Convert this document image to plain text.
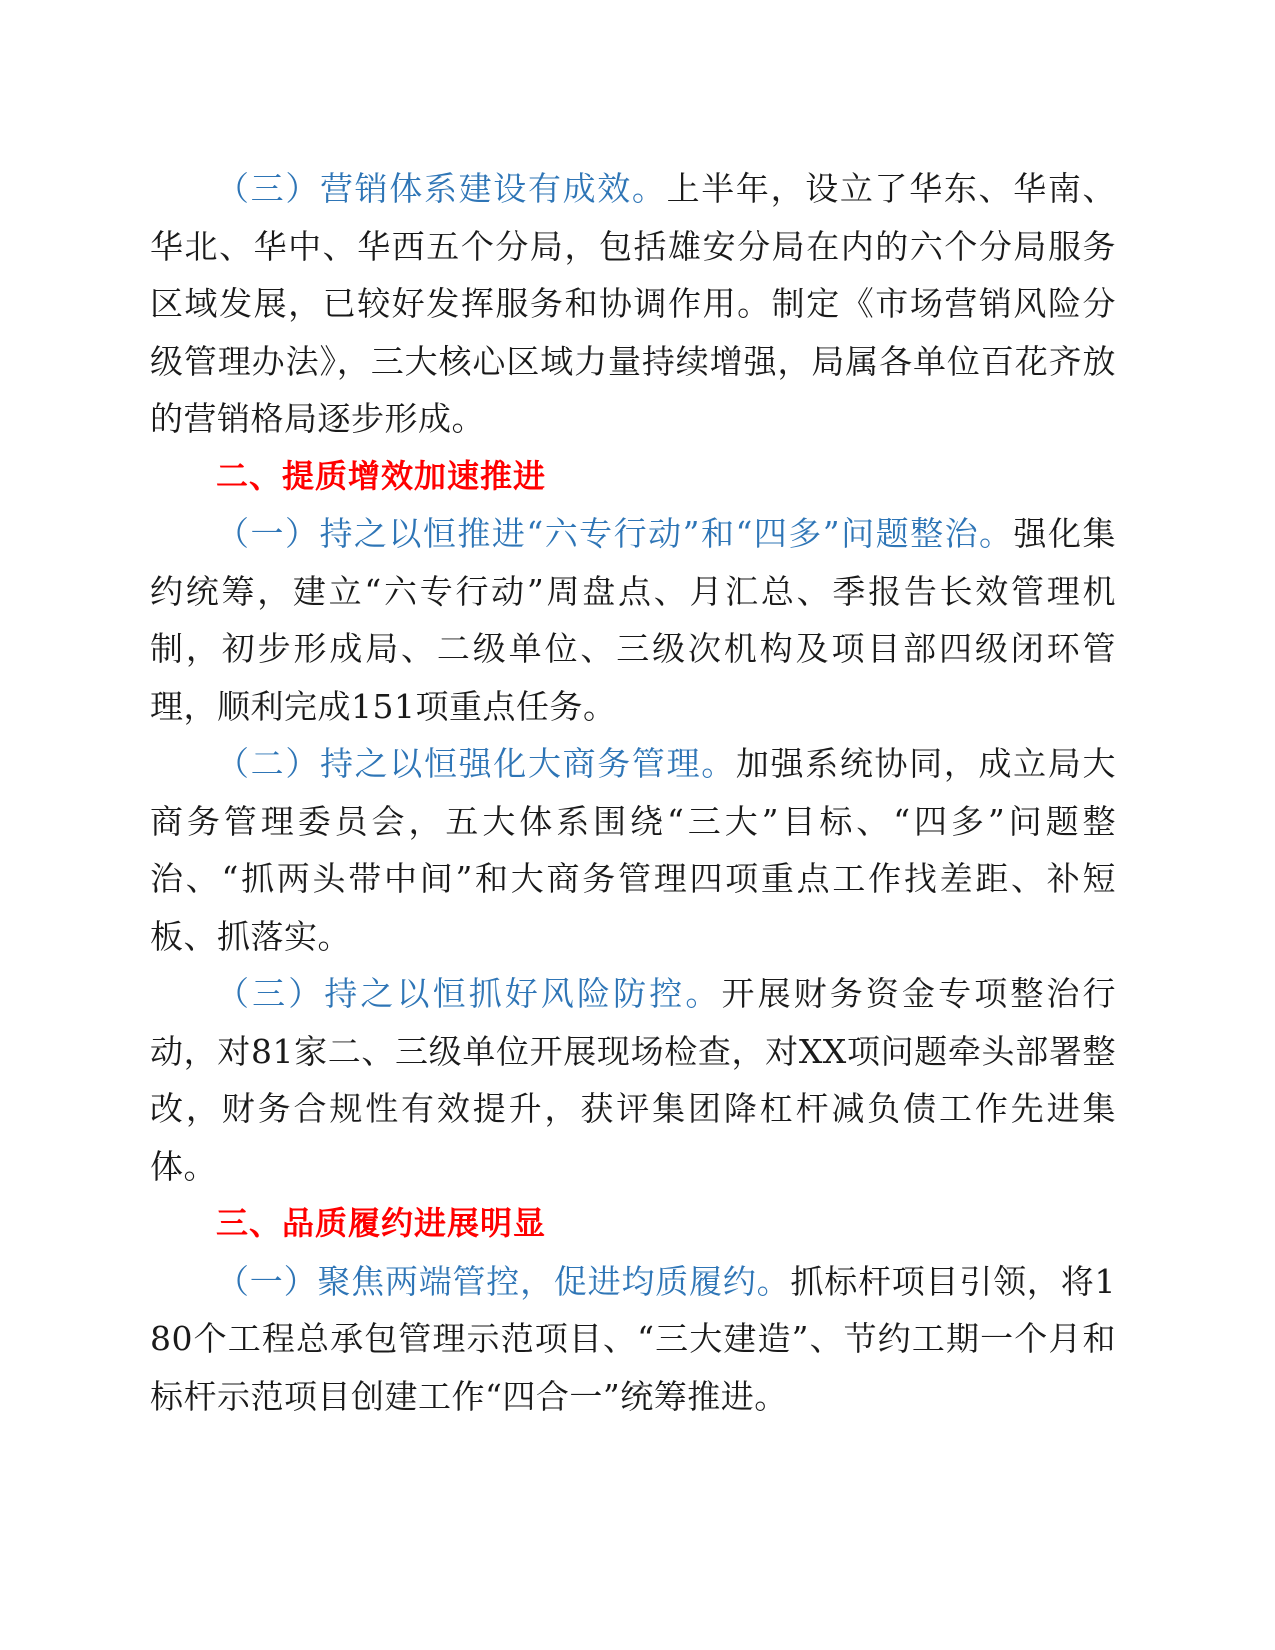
（三）营销体系建设有成效。上半年，设立了华东、华南、华北、华中、华西五个分局，包括雄安分局在内的六个分局服务区域发展，已较好发挥服务和协调作用。制定《市场营销风险分级管理办法》，三大核心区域力量持续增强，局属各单位百花齐放的营销格局逐步形成。

二、提质增效加速推进

（一）持之以恒推进“六专行动”和“四多”问题整治。强化集约统筹，建立“六专行动”周盘点、月汇总、季报告长效管理机制，初步形成局、二级单位、三级次机构及项目部四级闭环管理，顺利完成151项重点任务。

（二）持之以恒强化大商务管理。加强系统协同，成立局大商务管理委员会，五大体系围绕“三大”目标、“四多”问题整治、“抓两头带中间”和大商务管理四项重点工作找差距、补短板、抓落实。

（三）持之以恒抓好风险防控。开展财务资金专项整治行动，对81家二、三级单位开展现场检查，对XX项问题牵头部署整改，财务合规性有效提升，获评集团降杠杆减负债工作先进集体。

三、品质履约进展明显

（一）聚焦两端管控，促进均质履约。抓标杆项目引领，将180个工程总承包管理示范项目、“三大建造”、节约工期一个月和标杆示范项目创建工作“四合一”统筹推进。
